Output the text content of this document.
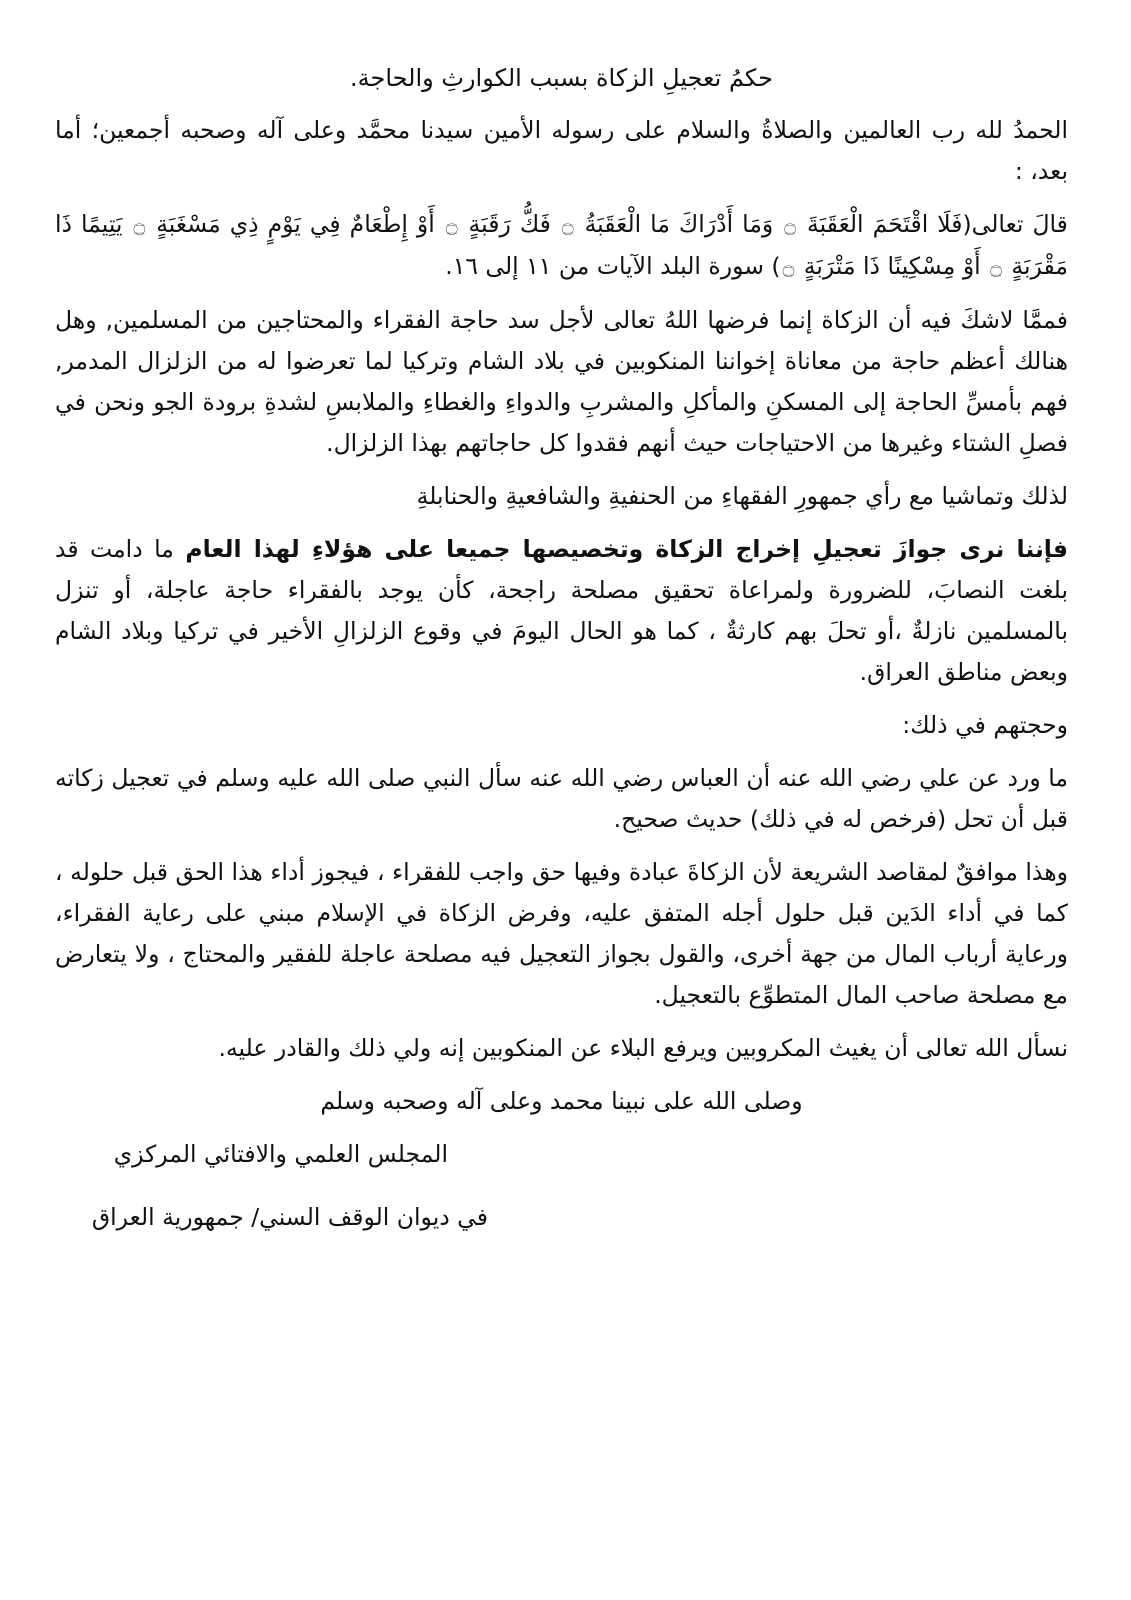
حكمُ تعجيلِ الزكاة بسبب الكوارثِ والحاجة.

الحمدُ لله رب العالمين والصلاةُ والسلام على رسوله الأمين سيدنا محمَّد وعلى آله وصحبه أجمعين؛ أما بعد، :

قالَ تعالى(فَلَا اقْتَحَمَ الْعَقَبَةَ ۝ وَمَا أَدْرَاكَ مَا الْعَقَبَةُ ۝ فَكُّ رَقَبَةٍ ۝ أَوْ إِطْعَامٌ فِي يَوْمٍ ذِي مَسْغَبَةٍ ۝ يَتِيمًا ذَا مَقْرَبَةٍ ۝ أَوْ مِسْكِينًا ذَا مَتْرَبَةٍ ۝) سورة البلد الآيات من ١١ إلى ١٦.

فممَّا لاشكَ فيه أن الزكاة إنما فرضها اللهُ تعالى لأجل سد حاجة الفقراء والمحتاجين من المسلمين, وهل هنالك أعظم حاجة من معاناة إخواننا المنكوبين في بلاد الشام وتركيا لما تعرضوا له من الزلزال المدمر, فهم بأمسِّ الحاجة إلى المسكنِ والمأكلِ والمشربِ والدواءِ والغطاءِ والملابسِ لشدةِ برودة الجو ونحن في فصلِ الشتاء وغيرها من الاحتياجات حيث أنهم فقدوا كل حاجاتهم بهذا الزلزال.

لذلك وتماشيا مع رأي جمهورِ الفقهاءِ من الحنفيةِ والشافعيةِ والحنابلةِ

فإننا نرى جوازَ تعجيلِ إخراج الزكاة وتخصيصها جميعا على هؤلاءِ لهذا العام ما دامت قد بلغت النصابَ، للضرورة ولمراعاة تحقيق مصلحة راجحة، كأن يوجد بالفقراء حاجة عاجلة، أو تنزل بالمسلمين نازلةٌ ،أو تحلَ بهم كارثةٌ ، كما هو الحال اليومَ في وقوع الزلزالِ الأخير في تركيا وبلاد الشام وبعض مناطق العراق.

وحجتهم في ذلك:

ما ورد عن علي رضي الله عنه أن العباس رضي الله عنه سأل النبي صلى الله عليه وسلم في تعجيل زكاته قبل أن تحل (فرخص له في ذلك) حديث صحيح.

وهذا موافقٌ لمقاصد الشريعة لأن الزكاةَ عبادة وفيها حق واجب للفقراء ، فيجوز أداء هذا الحق قبل حلوله ، كما في أداء الدَين قبل حلول أجله المتفق عليه، وفرض الزكاة في الإسلام مبني على رعاية الفقراء، ورعاية أرباب المال من جهة أخرى، والقول بجواز التعجيل فيه مصلحة عاجلة للفقير والمحتاج ، ولا يتعارض مع مصلحة صاحب المال المتطوِّع بالتعجيل.

نسأل الله تعالى أن يغيث المكروبين ويرفع البلاء عن المنكوبين إنه ولي ذلك والقادر عليه.

وصلى الله على نبينا محمد وعلى آله وصحبه وسلم

المجلس العلمي والافتائي المركزي
في ديوان الوقف السني/ جمهورية العراق
